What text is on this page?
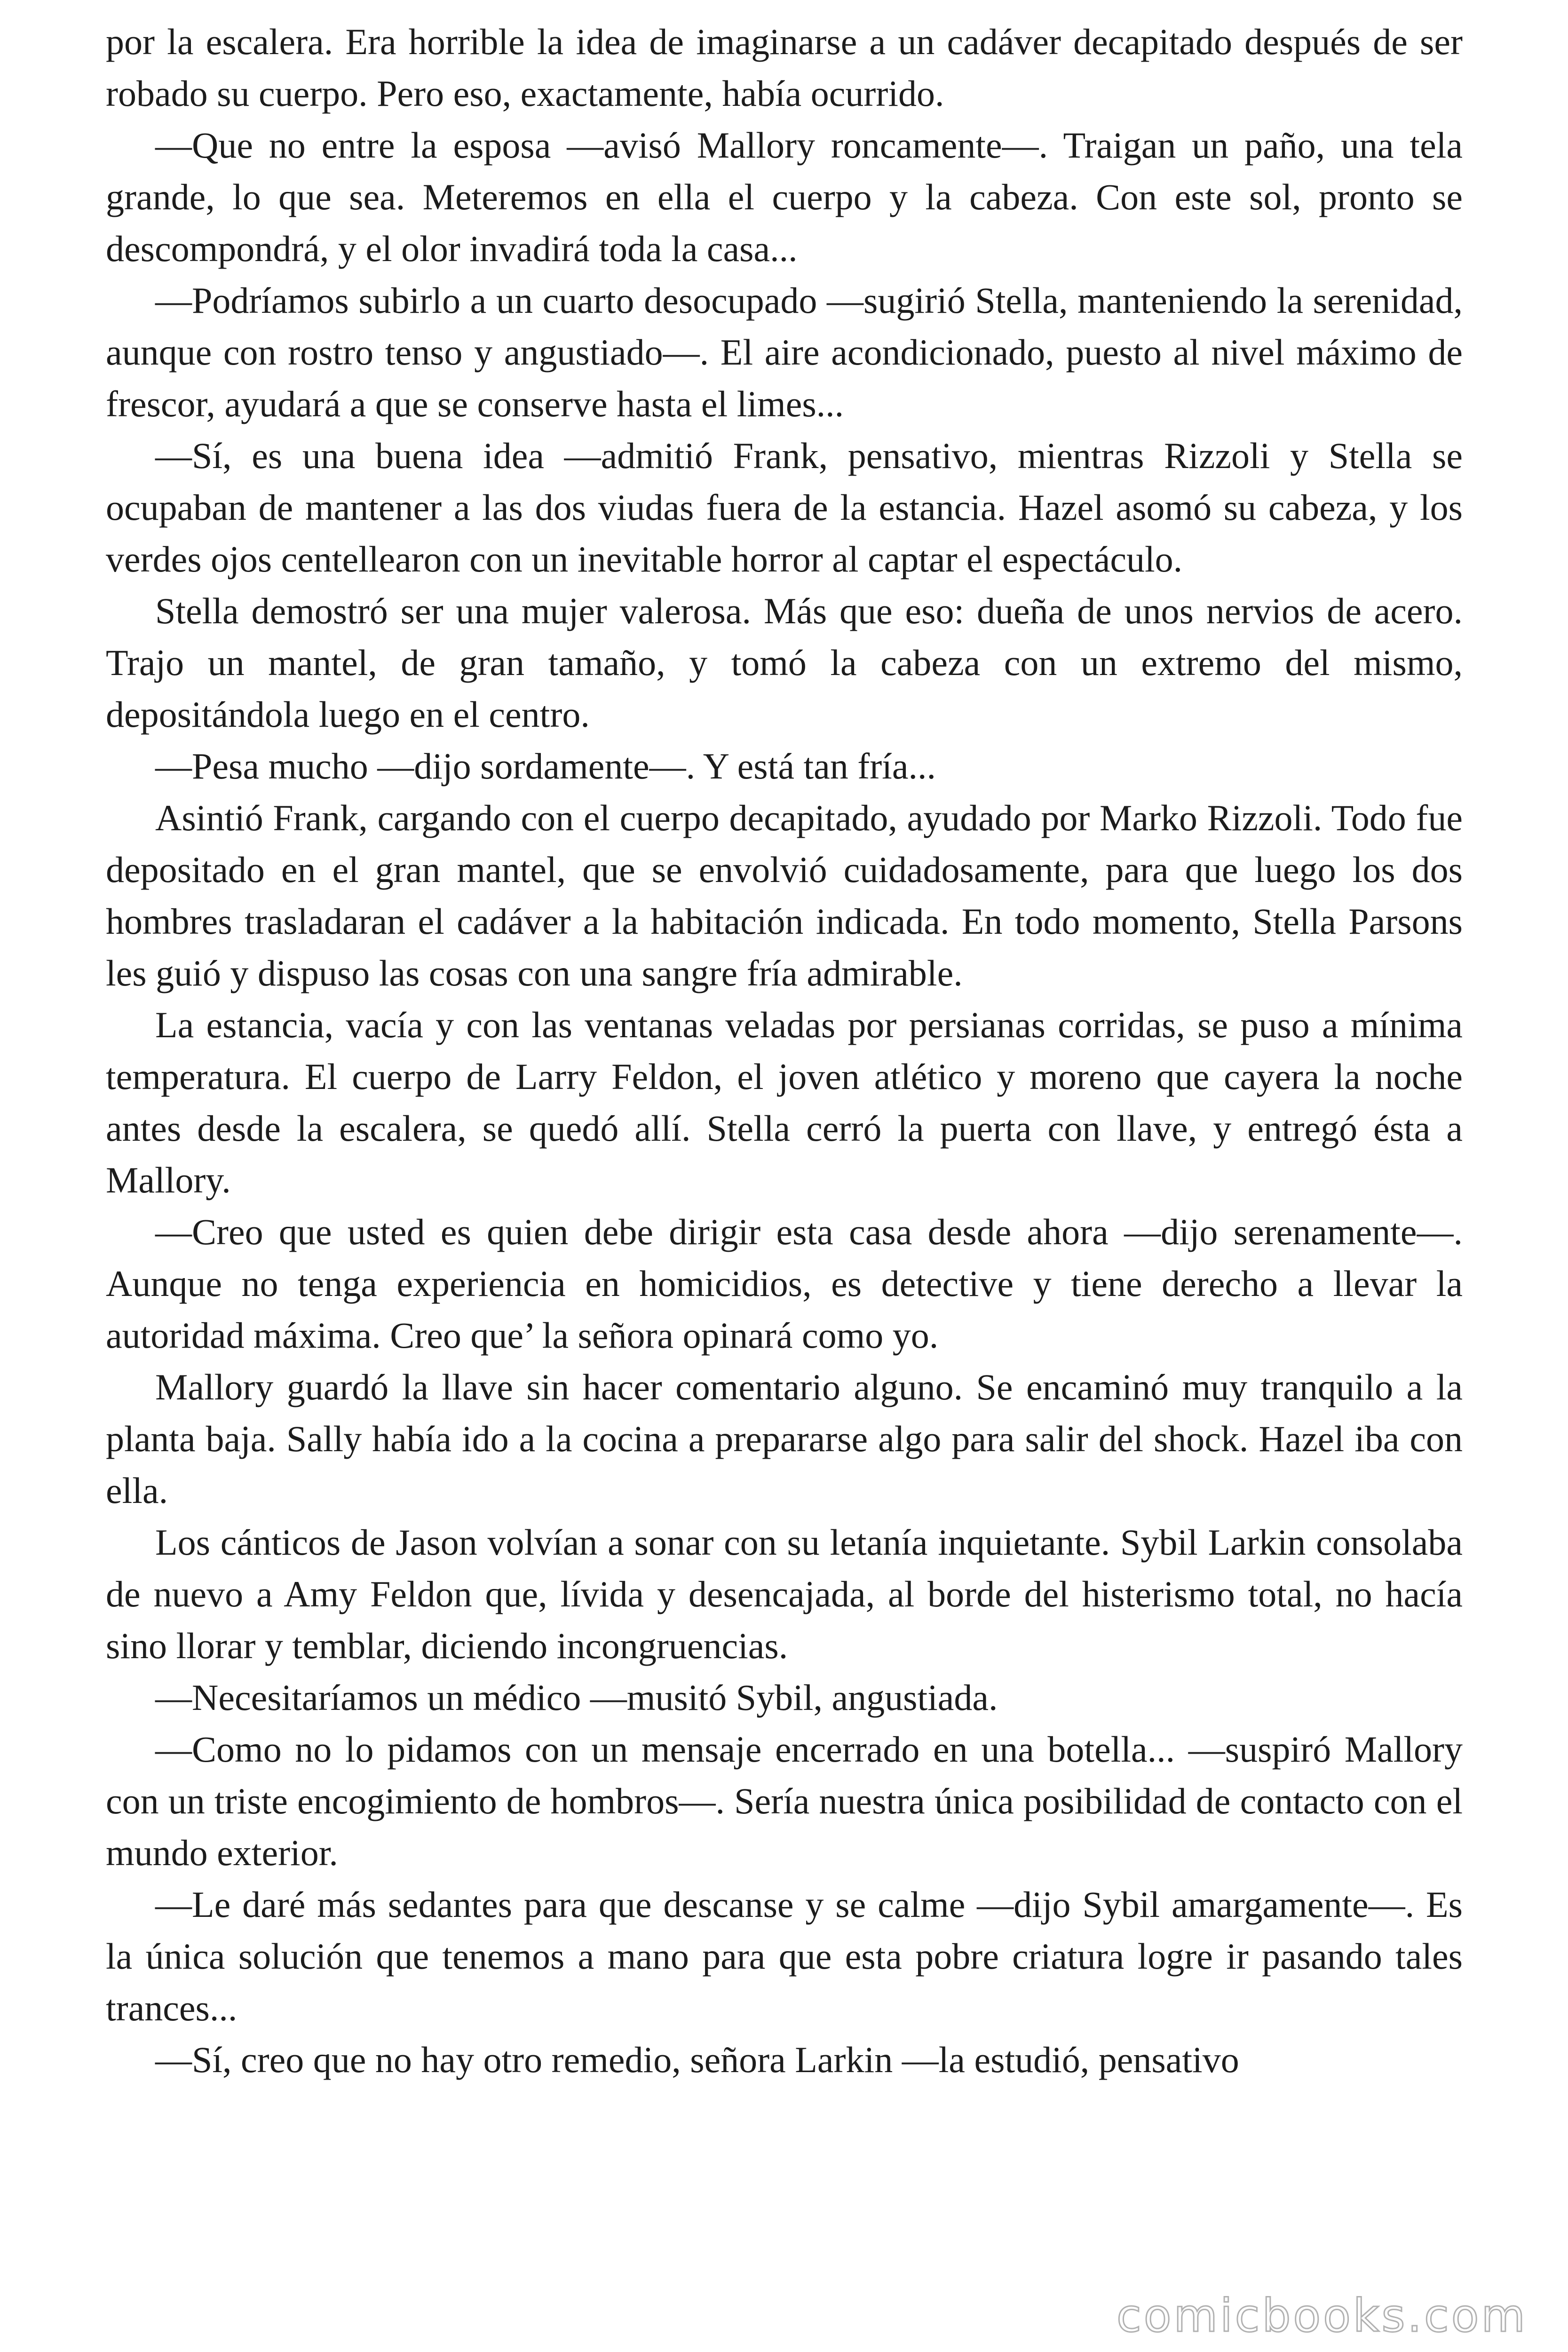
por la escalera. Era horrible la idea de imaginarse a un cadáver decapitado después de ser robado su cuerpo. Pero eso, exactamente, había ocurrido.

—Que no entre la esposa —avisó Mallory roncamente—. Traigan un paño, una tela grande, lo que sea. Meteremos en ella el cuerpo y la cabeza. Con este sol, pronto se descompondrá, y el olor invadirá toda la casa...

—Podríamos subirlo a un cuarto desocupado —sugirió Stella, manteniendo la serenidad, aunque con rostro tenso y angustiado—. El aire acondicionado, puesto al nivel máximo de frescor, ayudará a que se conserve hasta el limes...

—Sí, es una buena idea —admitió Frank, pensativo, mientras Rizzoli y Stella se ocupaban de mantener a las dos viudas fuera de la estancia. Hazel asomó su cabeza, y los verdes ojos centellearon con un inevitable horror al captar el espectáculo.

Stella demostró ser una mujer valerosa. Más que eso: dueña de unos nervios de acero. Trajo un mantel, de gran tamaño, y tomó la cabeza con un extremo del mismo, depositándola luego en el centro.

—Pesa mucho —dijo sordamente—. Y está tan fría...

Asintió Frank, cargando con el cuerpo decapitado, ayudado por Marko Rizzoli. Todo fue depositado en el gran mantel, que se envolvió cuidadosamente, para que luego los dos hombres trasladaran el cadáver a la habitación indicada. En todo momento, Stella Parsons les guió y dispuso las cosas con una sangre fría admirable.

La estancia, vacía y con las ventanas veladas por persianas corridas, se puso a mínima temperatura. El cuerpo de Larry Feldon, el joven atlético y moreno que cayera la noche antes desde la escalera, se quedó allí. Stella cerró la puerta con llave, y entregó ésta a Mallory.

—Creo que usted es quien debe dirigir esta casa desde ahora —dijo serenamente—. Aunque no tenga experiencia en homicidios, es detective y tiene derecho a llevar la autoridad máxima. Creo que’ la señora opinará como yo.

Mallory guardó la llave sin hacer comentario alguno. Se encaminó muy tranquilo a la planta baja. Sally había ido a la cocina a prepararse algo para salir del shock. Hazel iba con ella.

Los cánticos de Jason volvían a sonar con su letanía inquietante. Sybil Larkin consolaba de nuevo a Amy Feldon que, lívida y desencajada, al borde del histerismo total, no hacía sino llorar y temblar, diciendo incongruencias.

—Necesitaríamos un médico —musitó Sybil, angustiada.

—Como no lo pidamos con un mensaje encerrado en una botella... —suspiró Mallory con un triste encogimiento de hombros—. Sería nuestra única posibilidad de contacto con el mundo exterior.

—Le daré más sedantes para que descanse y se calme —dijo Sybil amargamente—. Es la única solución que tenemos a mano para que esta pobre criatura logre ir pasando tales trances...

—Sí, creo que no hay otro remedio, señora Larkin —la estudió, pensativo

comicbooks.com
